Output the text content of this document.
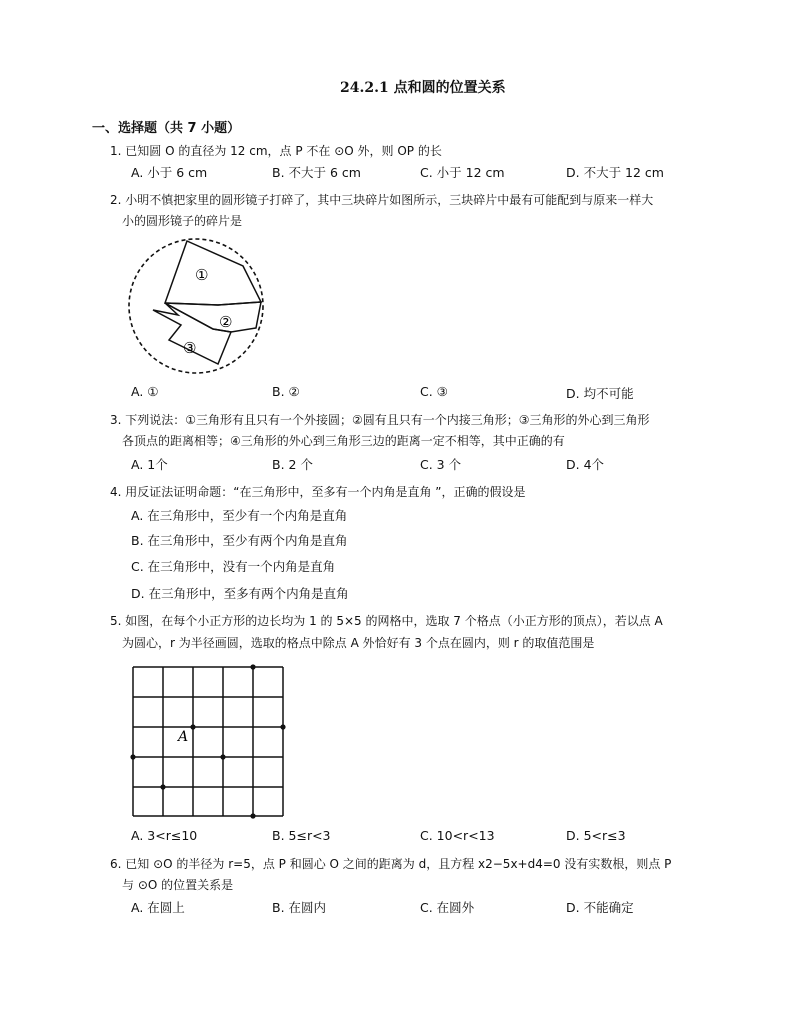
24.2.1 点和圆的位置关系
一、选择题（共 7 小题）
1. 已知圆 O 的直径为 12 cm，点 P 不在 ⊙O 外，则 OP 的长
A. 小于 6 cm	B. 不大于 6 cm	C. 小于 12 cm	D. 不大于 12 cm
2. 小明不慎把家里的圆形镜子打碎了，其中三块碎片如图所示，三块碎片中最有可能配到与原来一样大
小的圆形镜子的碎片是
①
②
③
A. ①	B. ②	C. ③	D. 均不可能
3. 下列说法：①三角形有且只有一个外接圆；②圆有且只有一个内接三角形；③三角形的外心到三角形
各顶点的距离相等；④三角形的外心到三角形三边的距离一定不相等，其中正确的有
A. 1个	B. 2 个	C. 3 个	D. 4个
4. 用反证法证明命题：“在三角形中，至多有一个内角是直角 ”，正确的假设是
A. 在三角形中，至少有一个内角是直角
B. 在三角形中，至少有两个内角是直角
C. 在三角形中，没有一个内角是直角
D. 在三角形中，至多有两个内角是直角
5. 如图，在每个小正方形的边长均为 1 的 5×5 的网格中，选取 7 个格点（小正方形的顶点），若以点 A
为圆心，r 为半径画圆，选取的格点中除点 A 外恰好有 3 个点在圆内，则 r 的取值范围是
A
A. 3<r≤10	B. 5≤r<3	C. 10<r<13	D. 5<r≤3
6. 已知 ⊙O 的半径为 r=5，点 P 和圆心 O 之间的距离为 d，且方程 x2−5x+d4=0 没有实数根，则点 P
与 ⊙O 的位置关系是
A. 在圆上	B. 在圆内	C. 在圆外	D. 不能确定
